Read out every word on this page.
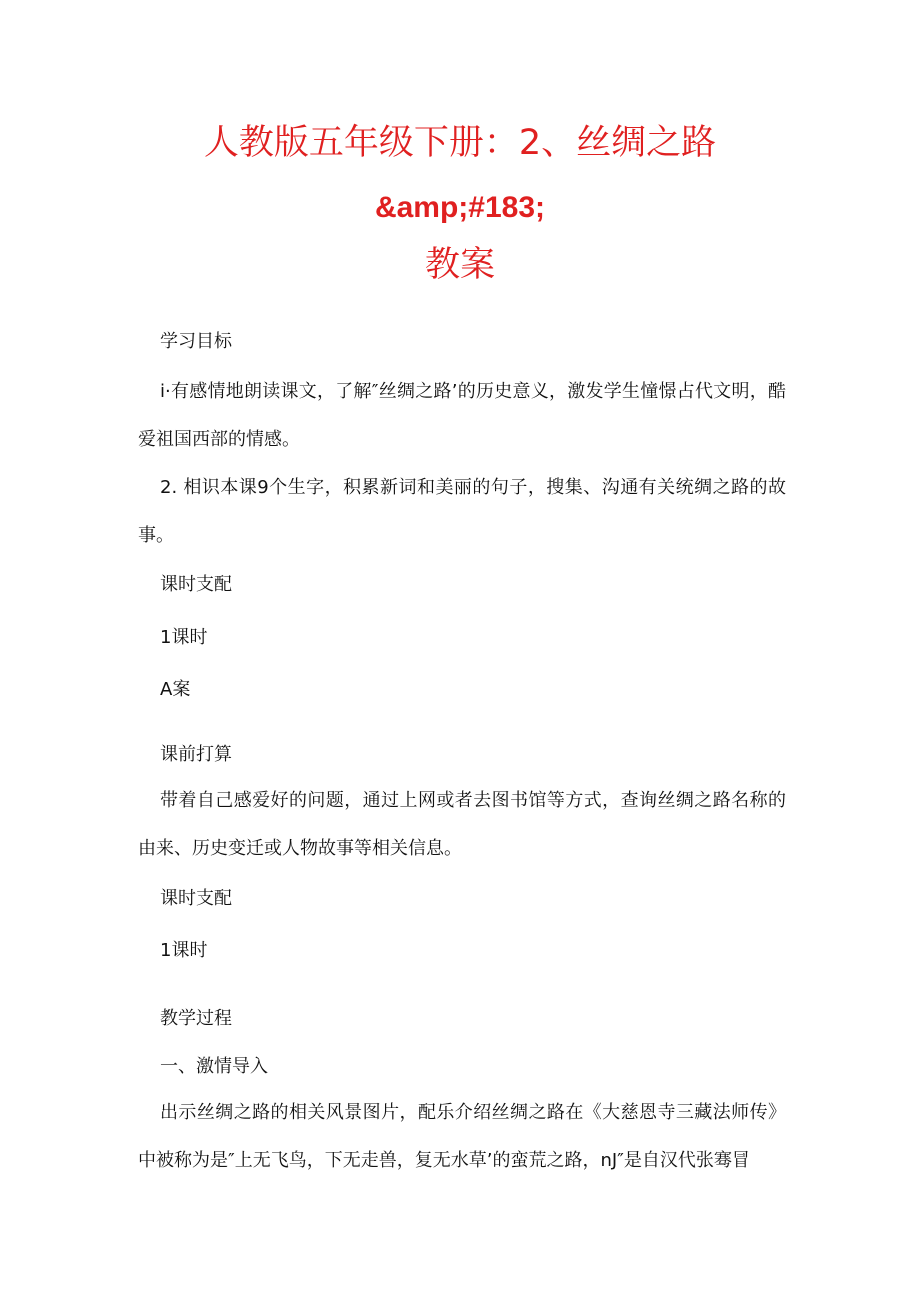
人教版五年级下册：2、丝绸之路
&amp;#183;
教案
学习目标
i·有感情地朗读课文，了解″丝绸之路’的历史意义，激发学生憧憬占代文明，酷爱祖国西部的情感。
2. 相识本课9个生字，积累新词和美丽的句子，搜集、沟通有关统绸之路的故事。
课时支配
1课时
A案
课前打算
带着自己感爱好的问题，通过上网或者去图书馆等方式，查询丝绸之路名称的由来、历史变迁或人物故事等相关信息。
课时支配
1课时
教学过程
一、激情导入
出示丝绸之路的相关风景图片，配乐介绍丝绸之路在《大慈恩寺三藏法师传》中被称为是″上无飞鸟，下无走兽，复无水草’的蛮荒之路，nJ″是自汉代张骞冒
